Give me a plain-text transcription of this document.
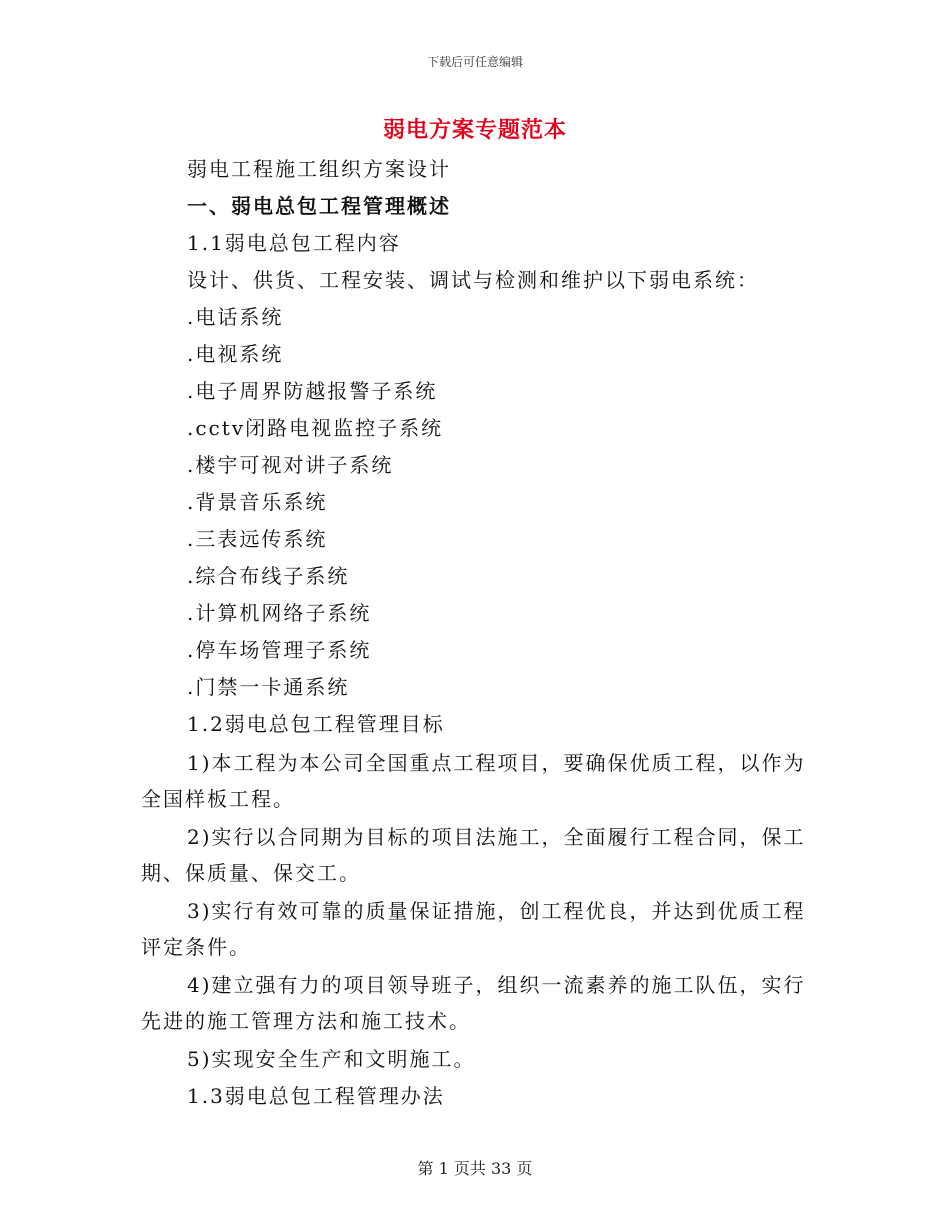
下载后可任意编辑
弱电方案专题范本
弱电工程施工组织方案设计
一、弱电总包工程管理概述
1.1弱电总包工程内容
设计、供货、工程安装、调试与检测和维护以下弱电系统：
.电话系统
.电视系统
.电子周界防越报警子系统
.cctv闭路电视监控子系统
.楼宇可视对讲子系统
.背景音乐系统
.三表远传系统
.综合布线子系统
.计算机网络子系统
.停车场管理子系统
.门禁一卡通系统
1.2弱电总包工程管理目标
1)本工程为本公司全国重点工程项目，要确保优质工程，以作为
全国样板工程。
2)实行以合同期为目标的项目法施工，全面履行工程合同，保工
期、保质量、保交工。
3)实行有效可靠的质量保证措施，创工程优良，并达到优质工程
评定条件。
4)建立强有力的项目领导班子，组织一流素养的施工队伍，实行
先进的施工管理方法和施工技术。
5)实现安全生产和文明施工。
1.3弱电总包工程管理办法
第 1 页共 33 页
